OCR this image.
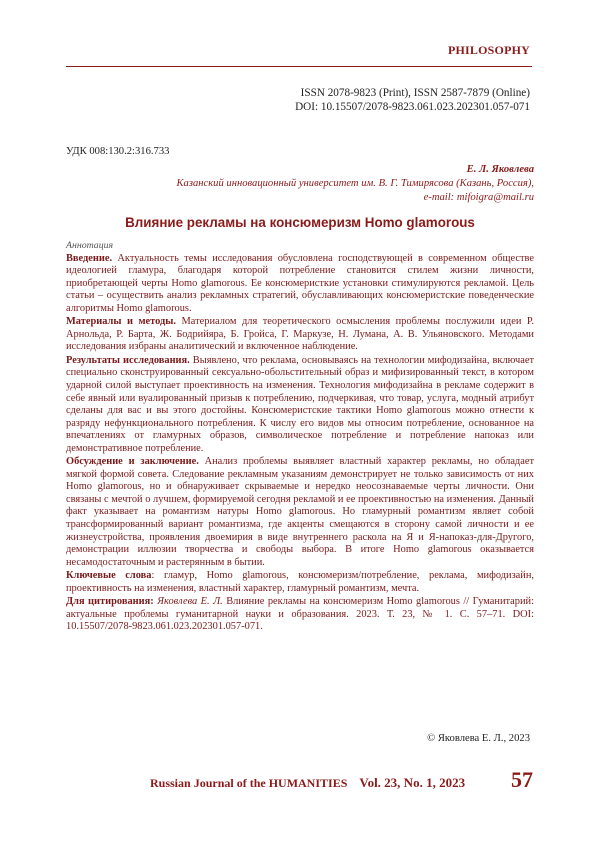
PHILOSOPHY
ISSN 2078-9823 (Print), ISSN 2587-7879 (Online)
DOI: 10.15507/2078-9823.061.023.202301.057-071
УДК 008:130.2:316.733
Е. Л. Яковлева
Казанский инновационный университет им. В. Г. Тимирясова (Казань, Россия),
e-mail: mifoigra@mail.ru
Влияние рекламы на консюмеризм Homo glamorous

Аннотация

Введение. Актуальность темы исследования обусловлена господствующей в современном обществе идеологией гламура, благодаря которой потребление становится стилем жизни личности, приобретающей черты Homo glamorous. Ее консюмеристкие установки стимулируются рекламой. Цель статьи – осуществить анализ рекламных стратегий, обуславливающих консюмеристские поведенческие алгоритмы Homo glamorous.

Материалы и методы. Материалом для теоретического осмысления проблемы послужили идеи Р. Арнольда, Р. Барта, Ж. Бодрийяра, Б. Гройса, Г. Маркузе, Н. Лумана, А. В. Ульяновского. Методами исследования избраны аналитический и включенное наблюдение.

Результаты исследования. Выявлено, что реклама, основываясь на технологии мифодизайна, включает специально сконструированный сексуально-обольстительный образ и мифизированный текст, в котором ударной силой выступает проективность на изменения. Технология мифодизайна в рекламе содержит в себе явный или вуалированный призыв к потреблению, подчеркивая, что товар, услуга, модный атрибут сделаны для вас и вы этого достойны. Консюмеристские тактики Homo glamorous можно отнести к разряду нефункционального потребления. К числу его видов мы относим потребление, основанное на впечатлениях от гламурных образов, символическое потребление и потребление напоказ или демонстративное потребление.

Обсуждение и заключение. Анализ проблемы выявляет властный характер рекламы, но обладает мягкой формой совета. Следование рекламным указаниям демонстрирует не только зависимость от них Homo glamorous, но и обнаруживает скрываемые и нередко неосознаваемые черты личности. Они связаны с мечтой о лучшем, формируемой сегодня рекламой и ее проективностью на изменения. Данный факт указывает на романтизм натуры Homo glamorous. Но гламурный романтизм являет собой трансформированный вариант романтизма, где акценты смещаются в сторону самой личности и ее жизнеустройства, проявления двоемирия в виде внутреннего раскола на Я и Я-напоказ-для-Другого, демонстрации иллюзии творчества и свободы выбора. В итоге Homo glamorous оказывается несамодостаточным и растерянным в бытии.

Ключевые слова: гламур, Homo glamorous, консюмеризм/потребление, реклама, мифодизайн, проективность на изменения, властный характер, гламурный романтизм, мечта.

Для цитирования: Яковлева Е. Л. Влияние рекламы на консюмеризм Homo glamorous // Гуманитарий: актуальные проблемы гуманитарной науки и образования. 2023. Т. 23, № 1. С. 57–71. DOI: 10.15507/2078-9823.061.023.202301.057-071.

© Яковлева Е. Л., 2023
Russian Journal of the HUMANITIES Vol. 23, No. 1, 2023 57
